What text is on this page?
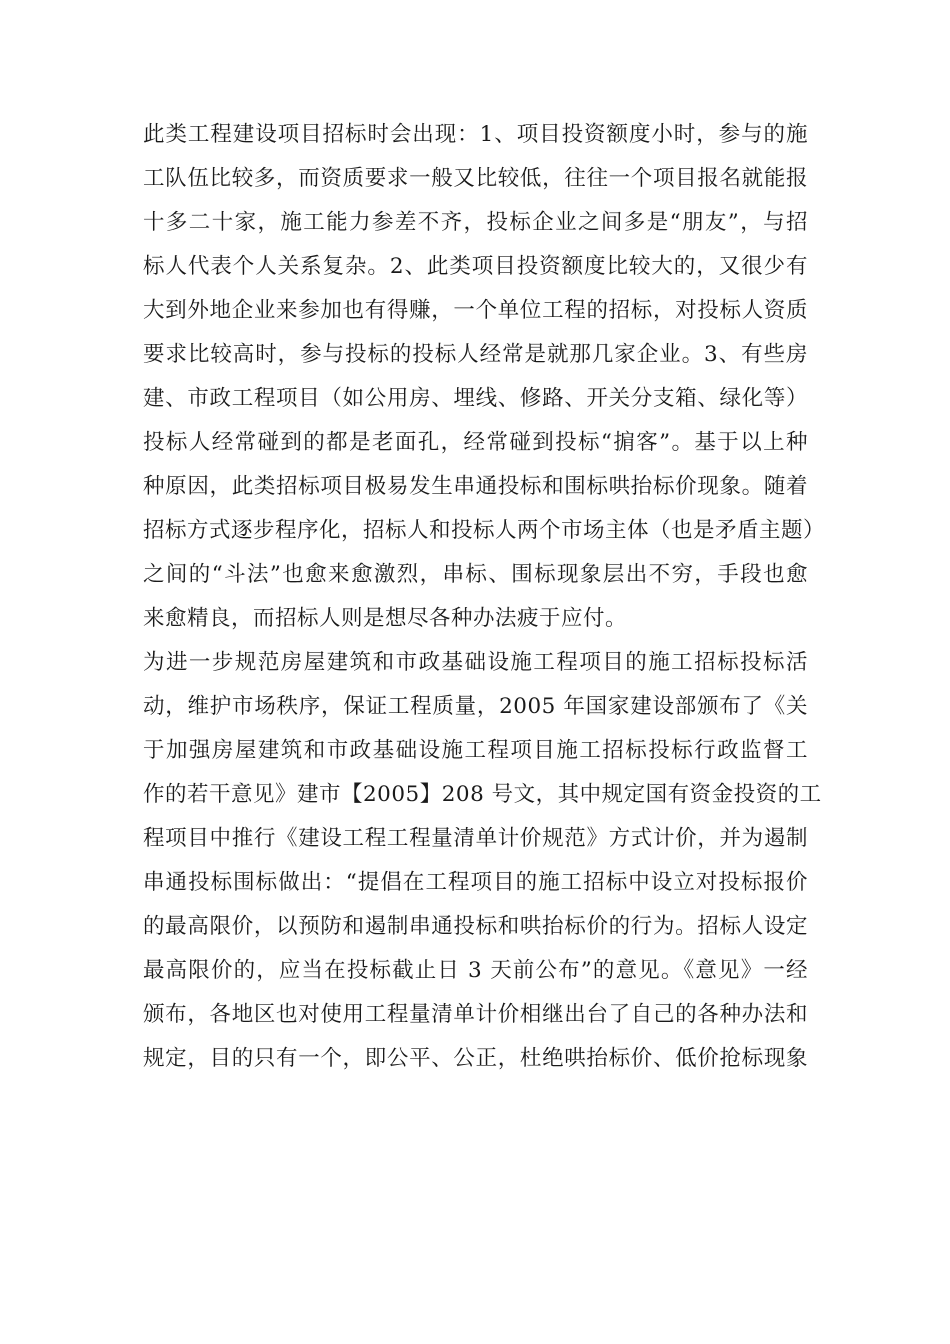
此类工程建设项目招标时会出现：1、项目投资额度小时，参与的施
工队伍比较多，而资质要求一般又比较低，往往一个项目报名就能报
十多二十家，施工能力参差不齐，投标企业之间多是“朋友”，与招
标人代表个人关系复杂。2、此类项目投资额度比较大的，又很少有
大到外地企业来参加也有得赚，一个单位工程的招标，对投标人资质
要求比较高时，参与投标的投标人经常是就那几家企业。3、有些房
建、市政工程项目（如公用房、埋线、修路、开关分支箱、绿化等）
投标人经常碰到的都是老面孔，经常碰到投标“掮客”。基于以上种
种原因，此类招标项目极易发生串通投标和围标哄抬标价现象。随着
招标方式逐步程序化，招标人和投标人两个市场主体（也是矛盾主题）
之间的“斗法”也愈来愈激烈，串标、围标现象层出不穷，手段也愈
来愈精良，而招标人则是想尽各种办法疲于应付。
为进一步规范房屋建筑和市政基础设施工程项目的施工招标投标活
动，维护市场秩序，保证工程质量，2005 年国家建设部颁布了《关
于加强房屋建筑和市政基础设施工程项目施工招标投标行政监督工
作的若干意见》建市【2005】208 号文，其中规定国有资金投资的工
程项目中推行《建设工程工程量清单计价规范》方式计价，并为遏制
串通投标围标做出：“提倡在工程项目的施工招标中设立对投标报价
的最高限价，以预防和遏制串通投标和哄抬标价的行为。招标人设定
最高限价的，应当在投标截止日 3 天前公布”的意见。《意见》一经
颁布，各地区也对使用工程量清单计价相继出台了自己的各种办法和
规定，目的只有一个，即公平、公正，杜绝哄抬标价、低价抢标现象
